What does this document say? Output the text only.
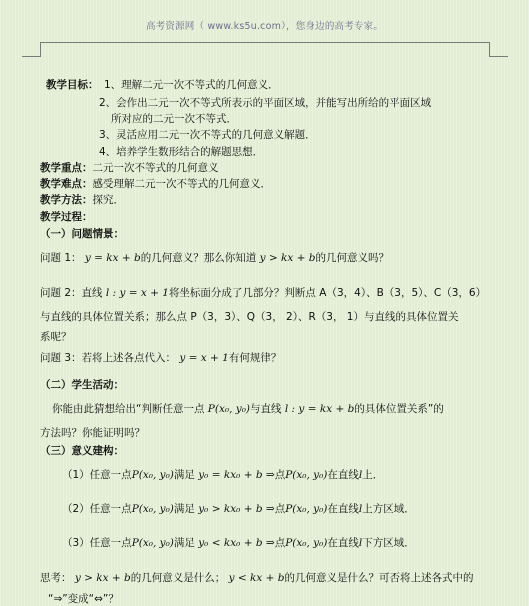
高考资源网（ www.ks5u.com），您身边的高考专家。
教学目标： 1、理解二元一次不等式的几何意义．
2、会作出二元一次不等式所表示的平面区域，并能写出所给的平面区域
所对应的二元一次不等式．
3、灵活应用二元一次不等式的几何意义解题．
4、培养学生数形结合的解题思想．
教学重点：二元一次不等式的几何意义
教学难点：感受理解二元一次不等式的几何意义．
教学方法：探究．
教学过程：
（一）问题情景：
问题 1： y = kx + b的几何意义？那么你知道 y > kx + b的几何意义吗？
问题 2：直线 l : y = x + 1将坐标面分成了几部分？判断点 A（3，4）、B（3，5）、C（3，6）
与直线的具体位置关系；那么点 P（3，3）、Q（3， 2）、R（3， 1）与直线的具体位置关
系呢？
问题 3：若将上述各点代入： y = x + 1有何规律？
（二）学生活动：
你能由此猜想给出“判断任意一点 P(x₀, y₀)与直线 l : y = kx + b的具体位置关系”的
方法吗？你能证明吗？
（三）意义建构：
（1）任意一点P(x₀, y₀)满足 y₀ = kx₀ + b ⇒点P(x₀, y₀)在直线l上．
（2）任意一点P(x₀, y₀)满足 y₀ > kx₀ + b ⇒点P(x₀, y₀)在直线l上方区域．
（3）任意一点P(x₀, y₀)满足 y₀ < kx₀ + b ⇒点P(x₀, y₀)在直线l下方区域．
思考： y > kx + b的几何意义是什么； y < kx + b的几何意义是什么？可否将上述各式中的
“⇒”变成“⇔”？
